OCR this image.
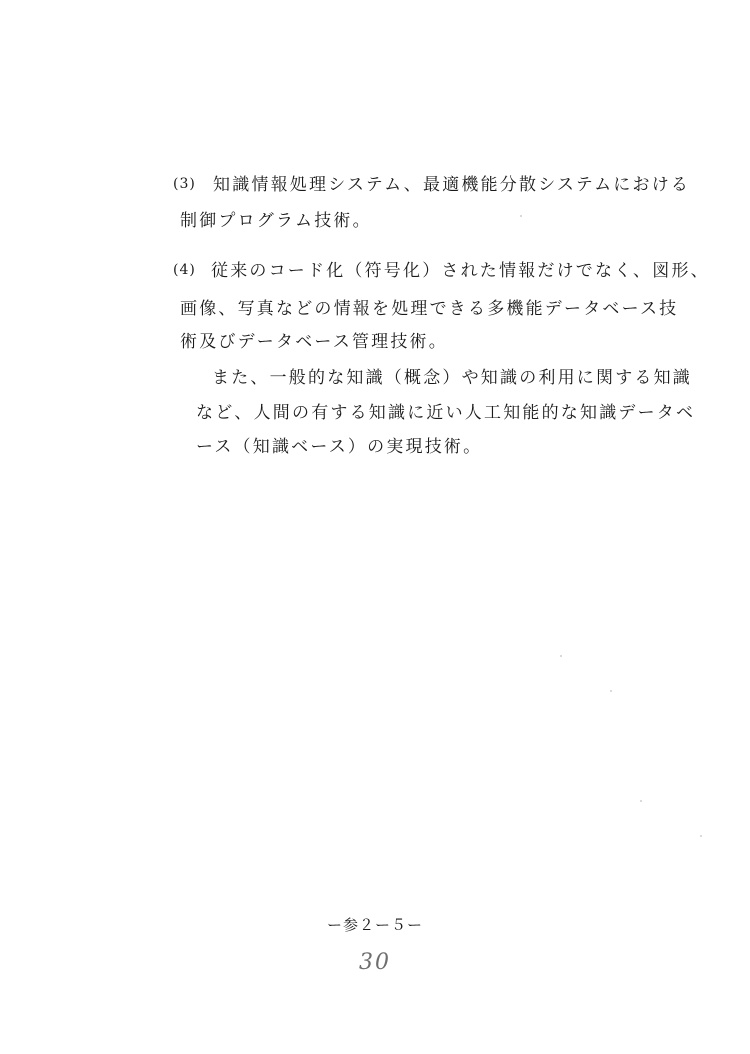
(3) 知識情報処理システム、最適機能分散システムにおける
制御プログラム技術。
(4) 従来のコード化（符号化）された情報だけでなく、図形、
画像、写真などの情報を処理できる多機能データベース技
術及びデータベース管理技術。
また、一般的な知識（概念）や知識の利用に関する知識
など、人間の有する知識に近い人工知能的な知識データベ
ース（知識ベース）の実現技術。
ー参２ー５ー
30
